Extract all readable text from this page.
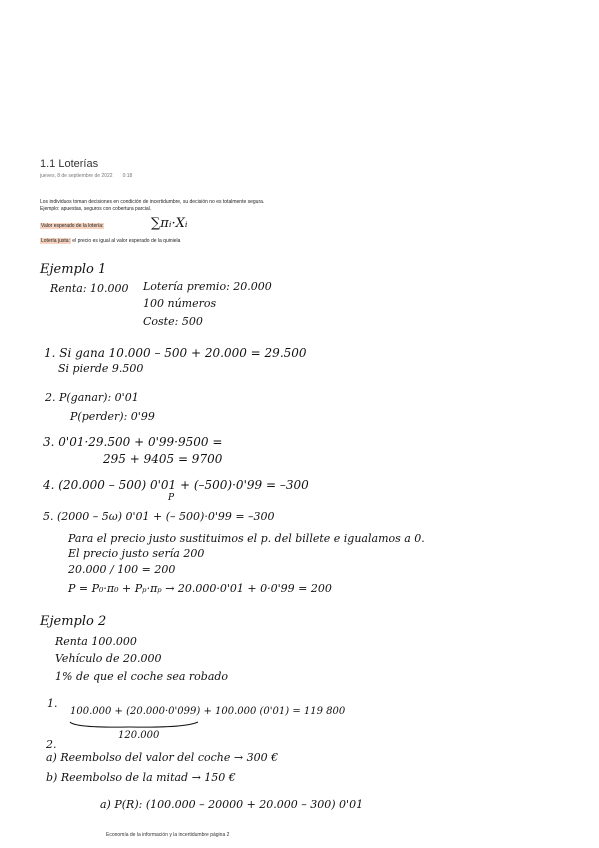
1.1 Loterías
jueves, 8 de septiembre de 2022 0:18
Los individuos toman decisiones en condición de incertidumbre, su decisión no es totalmente segura.
Ejemplo: apuestas, seguros con cobertura parcial.
Valor esperado de la lotería:	∑πᵢ·Xᵢ
Lotería justa: el precio es igual al valor esperado de la quiniela
Ejemplo 1
Renta: 10.000 Lotería premio: 20.000
100 números
Coste: 500
1. Si gana 10.000 – 500 + 20.000 = 29.500
Si pierde 9.500
2. P(ganar): 0'01
P(perder): 0'99
3. 0'01·29.500 + 0'99·9500 =
295 + 9405 = 9700
4. (20.000 – 500) 0'01 + (–500)·0'99 = –300
P
5. (2000 – 5ω) 0'01 + (– 500)·0'99 = –300
Para el precio justo sustituimos el p. del billete e igualamos a 0.
El precio justo sería 200
20.000 / 100 = 200
P = P₀·π₀ + Pₚ·πₚ → 20.000·0'01 + 0·0'99 = 200
Ejemplo 2
Renta 100.000
Vehículo de 20.000
1% de que el coche sea robado
1.
100.000 + (20.000·0'099) + 100.000 (0'01) = 119 800
120.000
2.
a) Reembolso del valor del coche → 300 €
b) Reembolso de la mitad → 150 €
a) P(R): (100.000 – 20000 + 20.000 – 300) 0'01
Economía de la información y la incertidumbre página 2
